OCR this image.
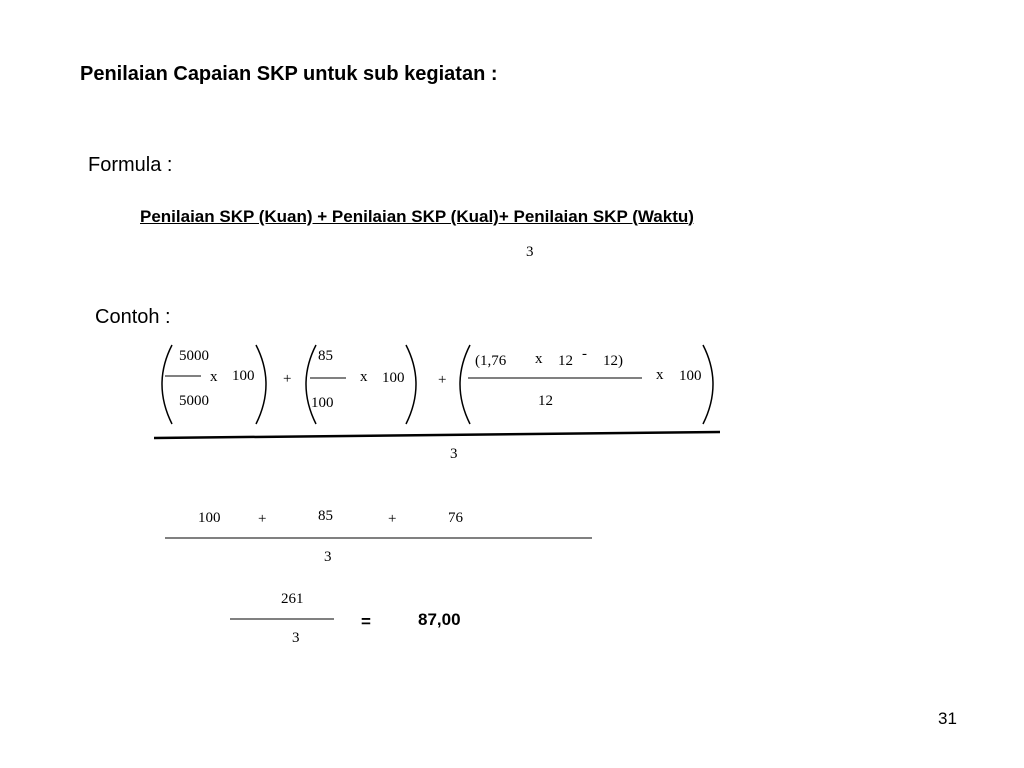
Penilaian Capaian SKP untuk sub kegiatan :
Formula :
Penilaian SKP (Kuan) + Penilaian SKP (Kual)+ Penilaian SKP (Waktu)
3
Contoh :
5000
x 100
5000
+
85
x 100
100
+
(1,76 x 12 - 12)
12
x 100
3
100	+	85	+	76
3
261
3
=	87,00
31
